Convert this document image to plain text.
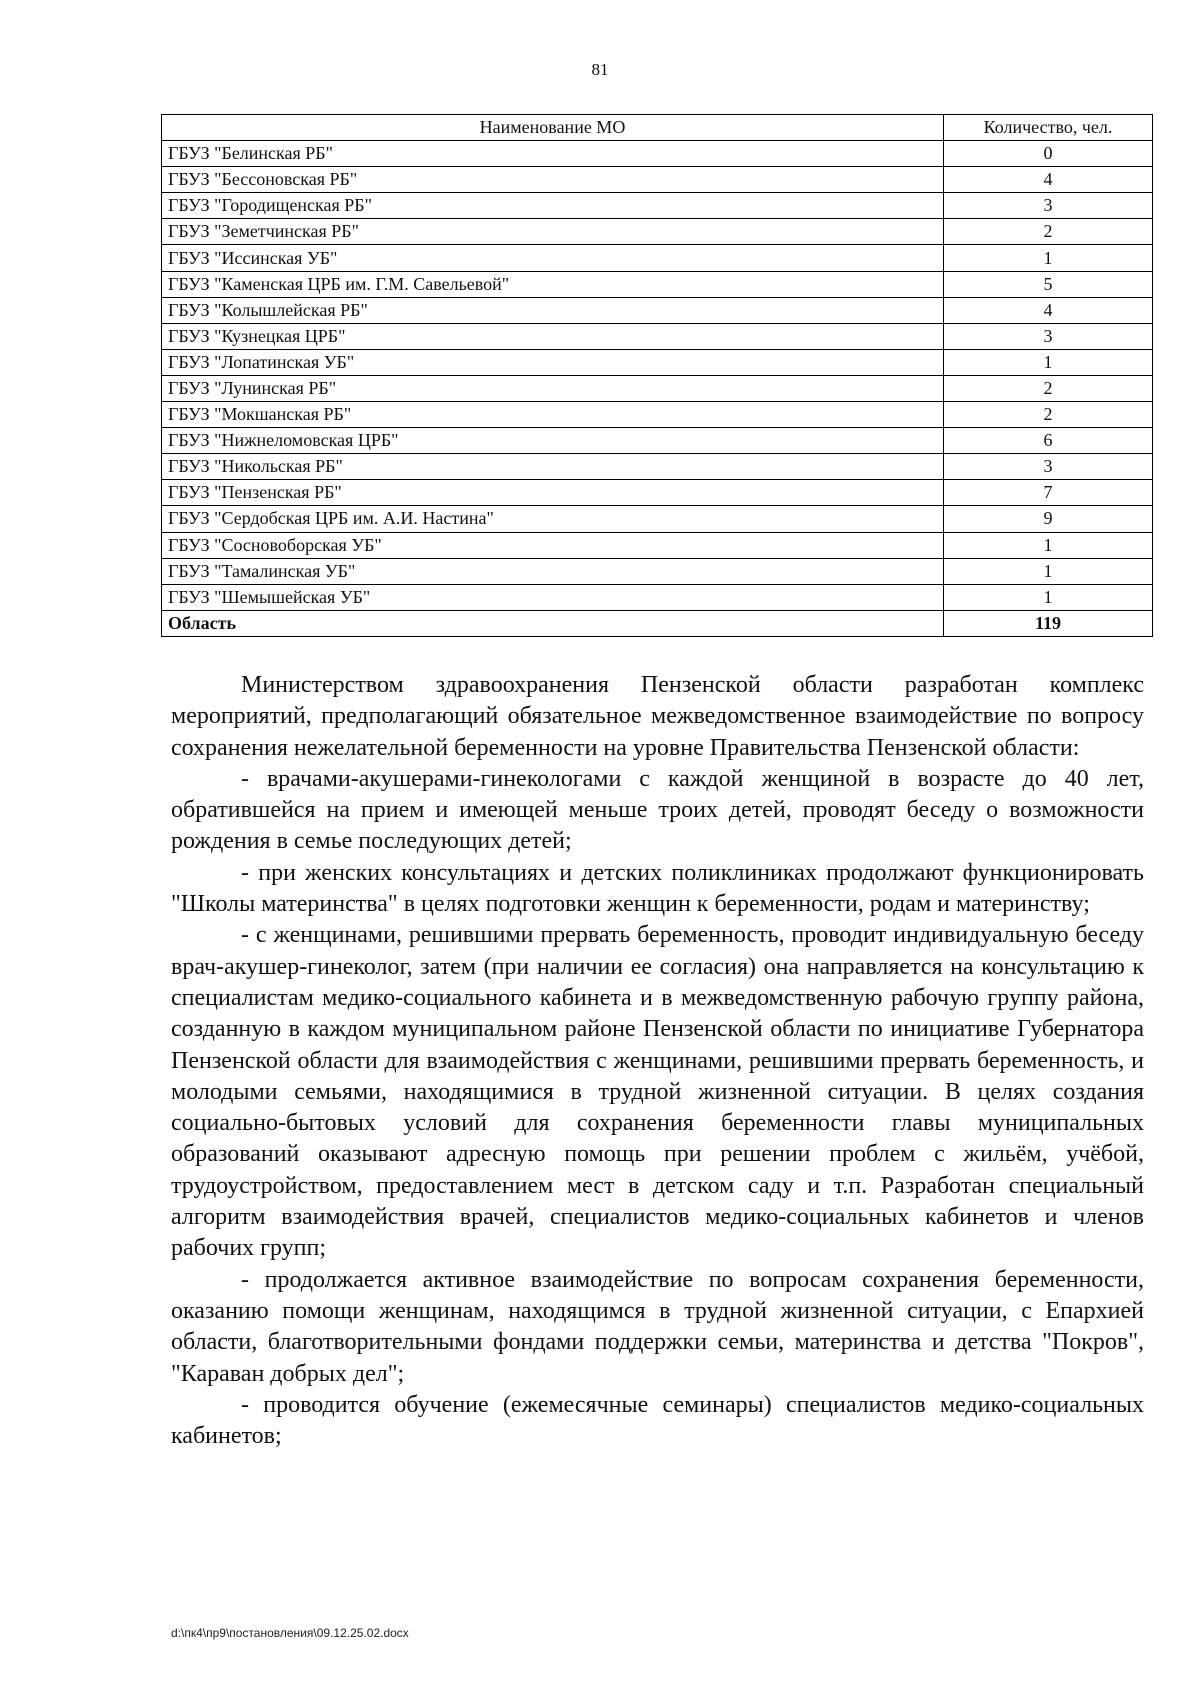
81
Наименование МО	Количество, чел.
ГБУЗ "Белинская РБ"	0
ГБУЗ "Бессоновская РБ"	4
ГБУЗ "Городищенская РБ"	3
ГБУЗ "Земетчинская РБ"	2
ГБУЗ "Иссинская УБ"	1
ГБУЗ "Каменская ЦРБ им. Г.М. Савельевой"	5
ГБУЗ "Колышлейская РБ"	4
ГБУЗ "Кузнецкая ЦРБ"	3
ГБУЗ "Лопатинская УБ"	1
ГБУЗ "Лунинская РБ"	2
ГБУЗ "Мокшанская РБ"	2
ГБУЗ "Нижнеломовская ЦРБ"	6
ГБУЗ "Никольская РБ"	3
ГБУЗ "Пензенская РБ"	7
ГБУЗ "Сердобская ЦРБ им. А.И. Настина"	9
ГБУЗ "Сосновоборская УБ"	1
ГБУЗ "Тамалинская УБ"	1
ГБУЗ "Шемышейская УБ"	1
Область	119

Министерством здравоохранения Пензенской области разработан комплекс мероприятий, предполагающий обязательное межведомственное взаимодействие по вопросу сохранения нежелательной беременности на уровне Правительства Пензенской области:

- врачами-акушерами-гинекологами с каждой женщиной в возрасте до 40 лет, обратившейся на прием и имеющей меньше троих детей, проводят беседу о возможности рождения в семье последующих детей;

- при женских консультациях и детских поликлиниках продолжают функционировать "Школы материнства" в целях подготовки женщин к беременности, родам и материнству;

- с женщинами, решившими прервать беременность, проводит индивидуальную беседу врач-акушер-гинеколог, затем (при наличии ее согласия) она направляется на консультацию к специалистам медико-социального кабинета и в межведомственную рабочую группу района, созданную в каждом муниципальном районе Пензенской области по инициативе Губернатора Пензенской области для взаимодействия с женщинами, решившими прервать беременность, и молодыми семьями, находящимися в трудной жизненной ситуации. В целях создания социально-бытовых условий для сохранения беременности главы муниципальных образований оказывают адресную помощь при решении проблем с жильём, учёбой, трудоустройством, предоставлением мест в детском саду и т.п. Разработан специальный алгоритм взаимодействия врачей, специалистов медико-социальных кабинетов и членов рабочих групп;

- продолжается активное взаимодействие по вопросам сохранения беременности, оказанию помощи женщинам, находящимся в трудной жизненной ситуации, с Епархией области, благотворительными фондами поддержки семьи, материнства и детства "Покров", "Караван добрых дел";

- проводится обучение (ежемесячные семинары) специалистов медико-социальных кабинетов;

d:\пк4\пр9\постановления\09.12.25.02.docx
